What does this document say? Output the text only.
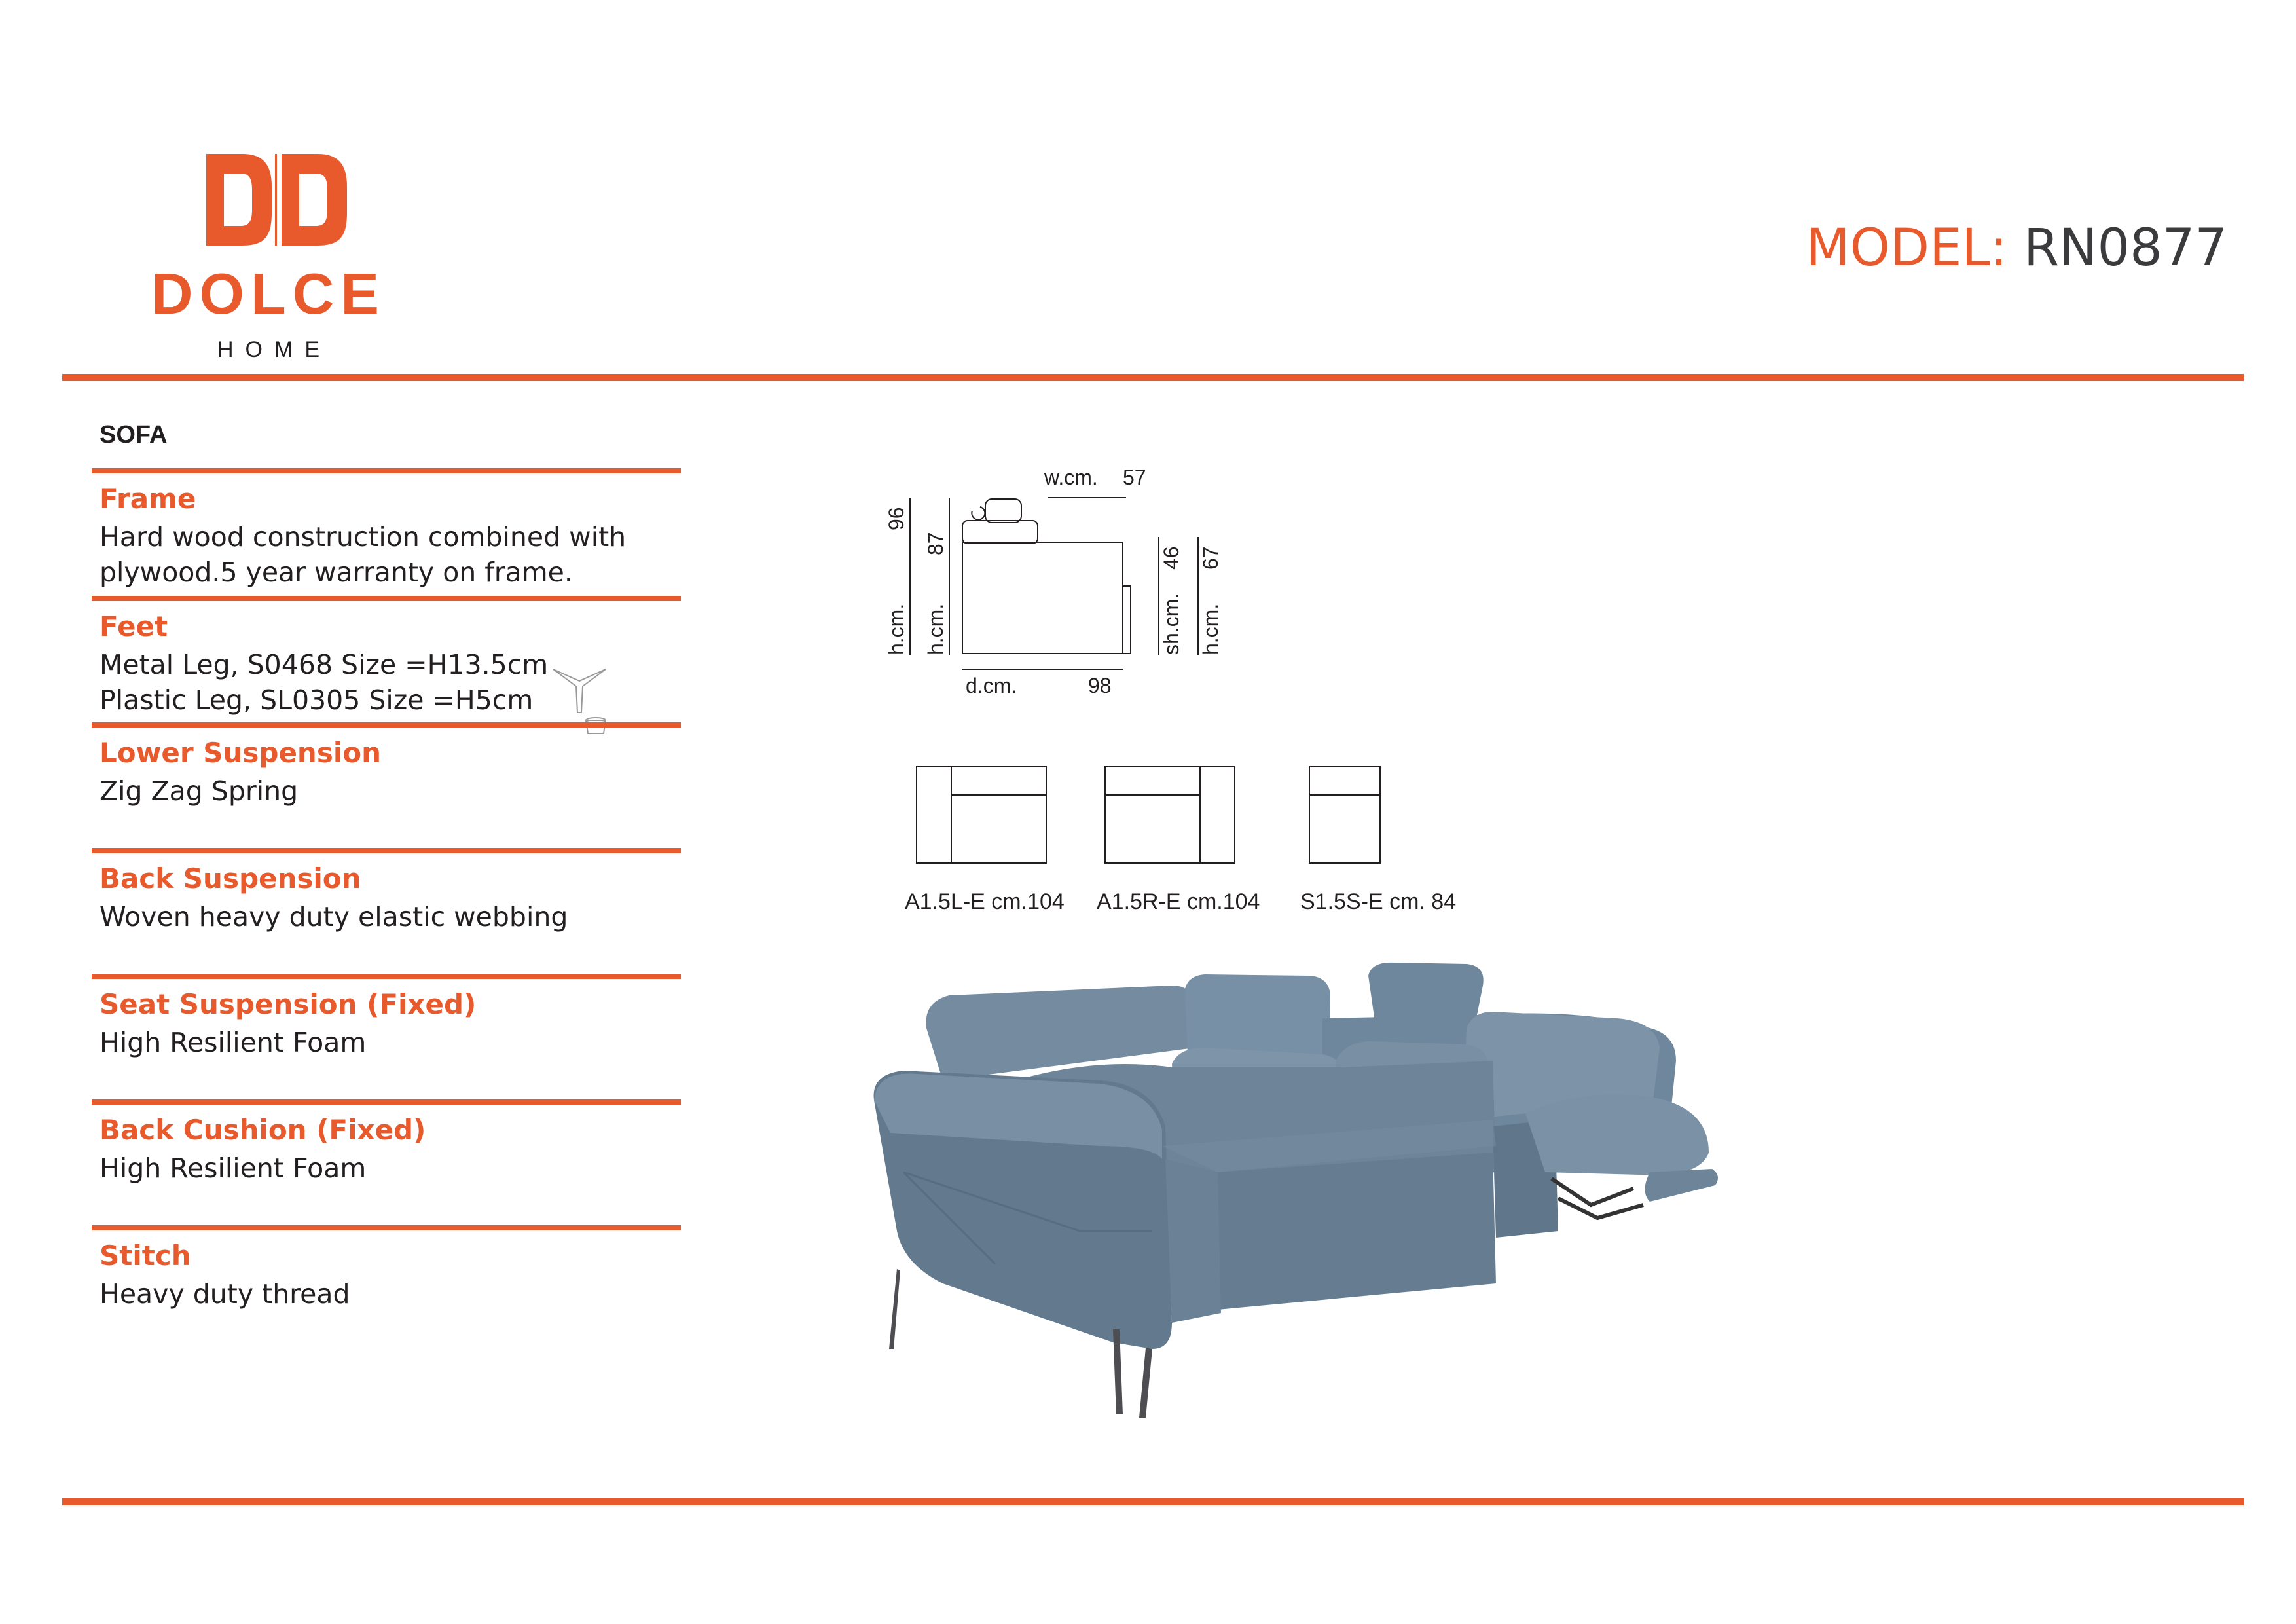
DOLCE
HOME
MODEL: RN0877
SOFA
Frame
Hard wood construction combined with
plywood.5 year warranty on frame.
Feet
Metal Leg, S0468 Size =H13.5cm
Plastic Leg, SL0305 Size =H5cm
Lower Suspension
Zig Zag Spring
Back Suspension
Woven heavy duty elastic webbing
Seat Suspension (Fixed)
High Resilient Foam
Back Cushion (Fixed)
High Resilient Foam
Stitch
Heavy duty thread
w.cm. 57
h.cm.
96
h.cm.
87
sh.cm.
46
h.cm.
67
d.cm.	98
A1.5L-E cm.104 A1.5R-E cm.104 S1.5S-E cm. 84
